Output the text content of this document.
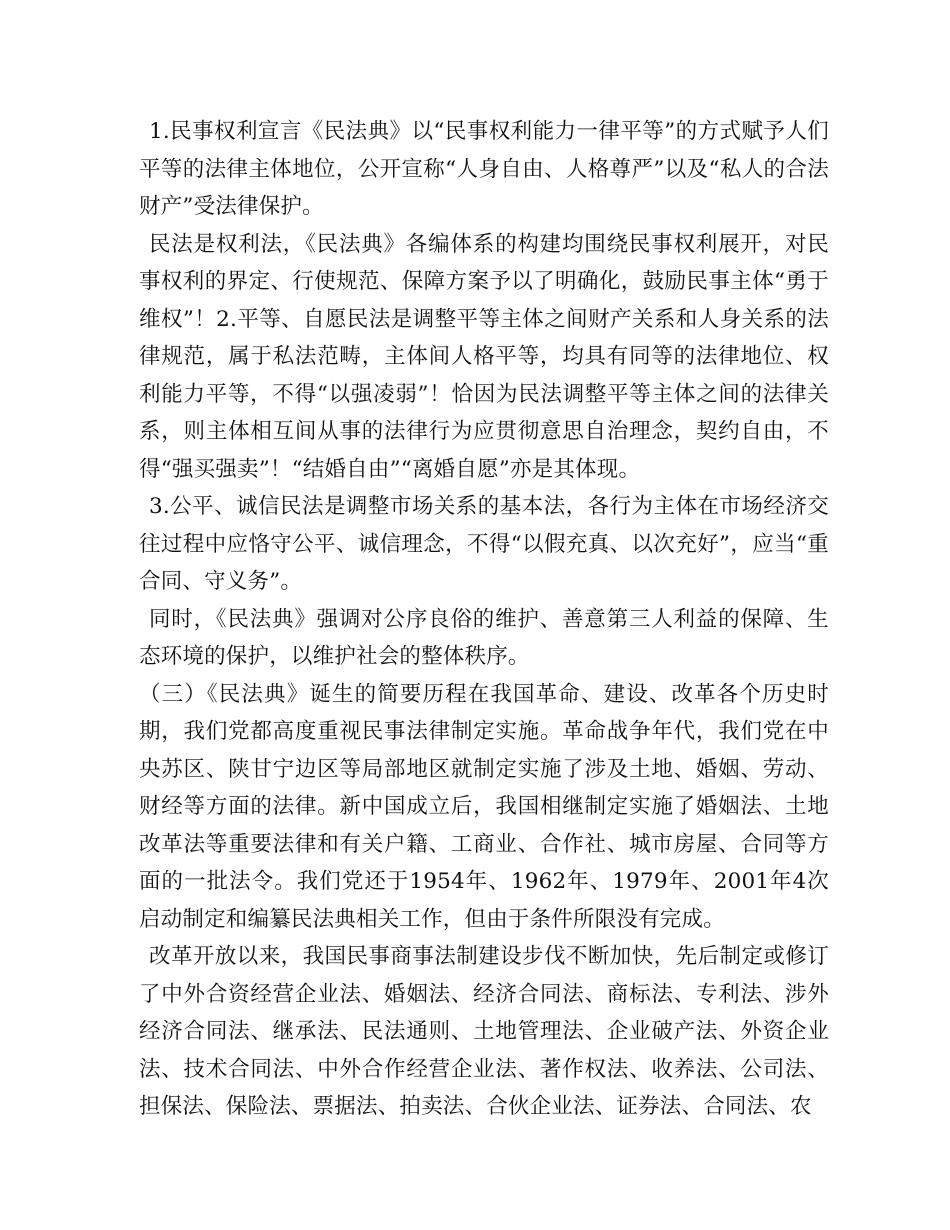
1.民事权利宣言《民法典》以“民事权利能力一律平等”的方式赋予人们平等的法律主体地位，公开宣称“人身自由、人格尊严”以及“私人的合法财产”受法律保护。

民法是权利法，《民法典》各编体系的构建均围绕民事权利展开，对民事权利的界定、行使规范、保障方案予以了明确化，鼓励民事主体“勇于维权”！2.平等、自愿民法是调整平等主体之间财产关系和人身关系的法律规范，属于私法范畴，主体间人格平等，均具有同等的法律地位、权利能力平等，不得“以强凌弱”！恰因为民法调整平等主体之间的法律关系，则主体相互间从事的法律行为应贯彻意思自治理念，契约自由，不得“强买强卖”！“结婚自由”“离婚自愿”亦是其体现。

3.公平、诚信民法是调整市场关系的基本法，各行为主体在市场经济交往过程中应恪守公平、诚信理念，不得“以假充真、以次充好”，应当“重合同、守义务”。

同时，《民法典》强调对公序良俗的维护、善意第三人利益的保障、生态环境的保护，以维护社会的整体秩序。

（三）《民法典》诞生的简要历程在我国革命、建设、改革各个历史时期，我们党都高度重视民事法律制定实施。革命战争年代，我们党在中央苏区、陕甘宁边区等局部地区就制定实施了涉及土地、婚姻、劳动、财经等方面的法律。新中国成立后，我国相继制定实施了婚姻法、土地改革法等重要法律和有关户籍、工商业、合作社、城市房屋、合同等方面的一批法令。我们党还于1954年、1962年、1979年、2001年4次启动制定和编纂民法典相关工作，但由于条件所限没有完成。

改革开放以来，我国民事商事法制建设步伐不断加快，先后制定或修订了中外合资经营企业法、婚姻法、经济合同法、商标法、专利法、涉外经济合同法、继承法、民法通则、土地管理法、企业破产法、外资企业法、技术合同法、中外合作经营企业法、著作权法、收养法、公司法、担保法、保险法、票据法、拍卖法、合伙企业法、证券法、合同法、农
